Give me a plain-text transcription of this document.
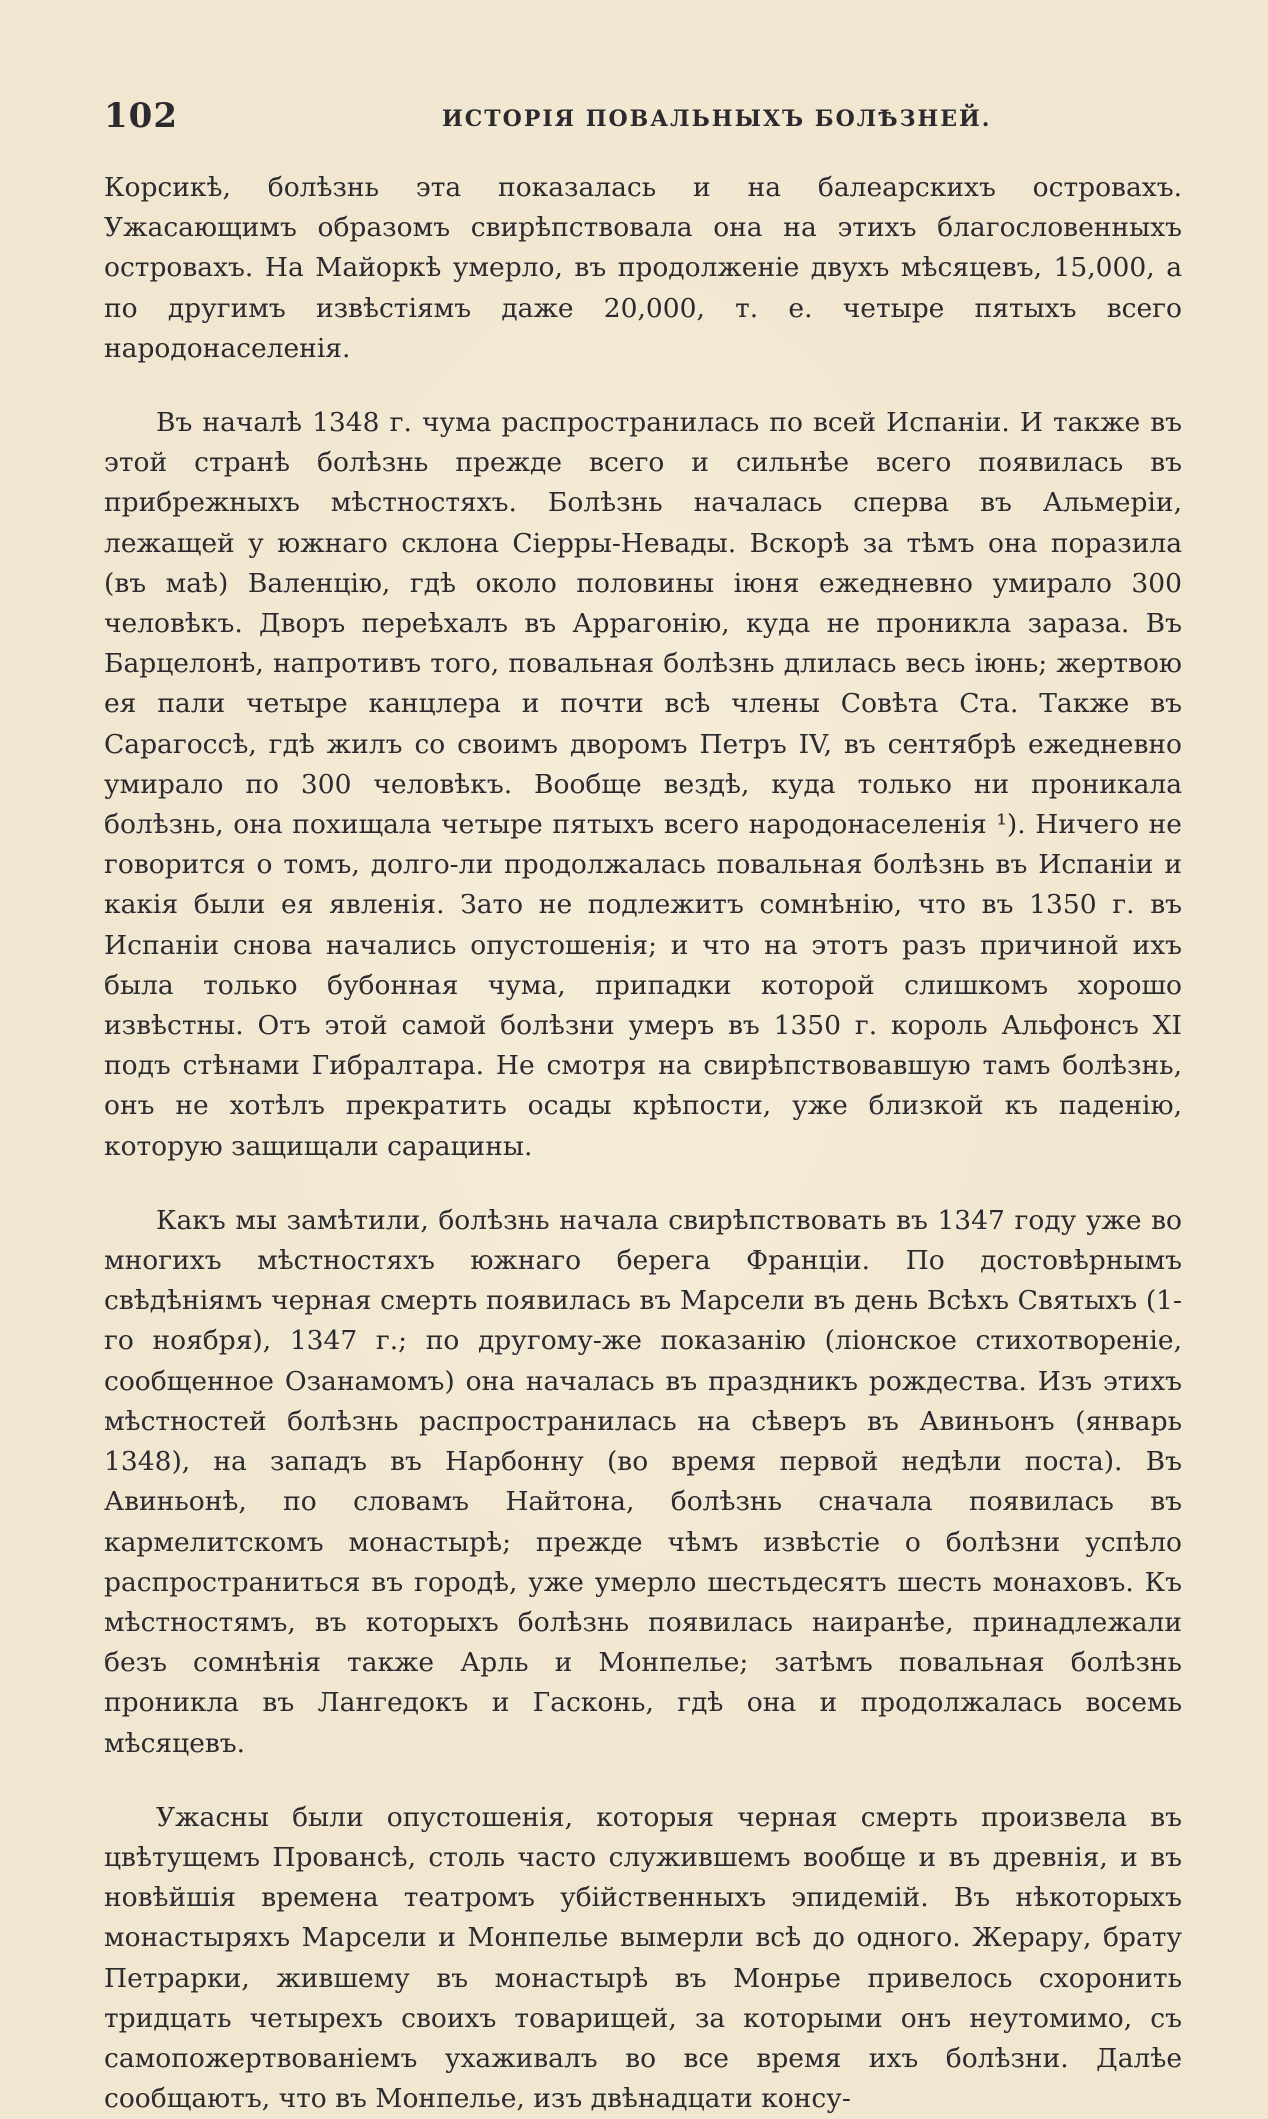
102	ИСТОРІЯ ПОВАЛЬНЫХЪ БОЛѢЗНЕЙ.

Корсикѣ, болѣзнь эта показалась и на балеарскихъ островахъ. Ужасающимъ образомъ свирѣпствовала она на этихъ благословенныхъ островахъ. На Майоркѣ умерло, въ продолженіе двухъ мѣсяцевъ, 15,000, а по другимъ извѣстіямъ даже 20,000, т. е. четыре пятыхъ всего народонаселенія.

Въ началѣ 1348 г. чума распространилась по всей Испаніи. И также въ этой странѣ болѣзнь прежде всего и сильнѣе всего появилась въ прибрежныхъ мѣстностяхъ. Болѣзнь началась сперва въ Альмеріи, лежащей у южнаго склона Сіерры-Невады. Вскорѣ за тѣмъ она поразила (въ маѣ) Валенцію, гдѣ около половины іюня ежедневно умирало 300 человѣкъ. Дворъ переѣхалъ въ Аррагонію, куда не проникла зараза. Въ Барцелонѣ, напротивъ того, повальная болѣзнь длилась весь іюнь; жертвою ея пали четыре канцлера и почти всѣ члены Совѣта Ста. Также въ Сарагоссѣ, гдѣ жилъ со своимъ дворомъ Петръ IV, въ сентябрѣ ежедневно умирало по 300 человѣкъ. Вообще вездѣ, куда только ни проникала болѣзнь, она похищала четыре пятыхъ всего народонаселенія ¹). Ничего не говорится о томъ, долго-ли продолжалась повальная болѣзнь въ Испаніи и какія были ея явленія. Зато не подлежитъ сомнѣнію, что въ 1350 г. въ Испаніи снова начались опустошенія; и что на этотъ разъ причиной ихъ была только бубонная чума, припадки которой слишкомъ хорошо извѣстны. Отъ этой самой болѣзни умеръ въ 1350 г. король Альфонсъ XI подъ стѣнами Гибралтара. Не смотря на свирѣпствовавшую тамъ болѣзнь, онъ не хотѣлъ прекратить осады крѣпости, уже близкой къ паденію, которую защищали сарацины.

Какъ мы замѣтили, болѣзнь начала свирѣпствовать въ 1347 году уже во многихъ мѣстностяхъ южнаго берега Франціи. По достовѣрнымъ свѣдѣніямъ черная смерть появилась въ Марсели въ день Всѣхъ Святыхъ (1-го ноября), 1347 г.; по другому-же показанію (ліонское стихотвореніе, сообщенное Озанамомъ) она началась въ праздникъ рождества. Изъ этихъ мѣстностей болѣзнь распространилась на сѣверъ въ Авиньонъ (январь 1348), на западъ въ Нарбонну (во время первой недѣли поста). Въ Авиньонѣ, по словамъ Найтона, болѣзнь сначала появилась въ кармелитскомъ монастырѣ; прежде чѣмъ извѣстіе о болѣзни успѣло распространиться въ городѣ, уже умерло шестьдесятъ шесть монаховъ. Къ мѣстностямъ, въ которыхъ болѣзнь появилась наиранѣе, принадлежали безъ сомнѣнія также Арль и Монпелье; затѣмъ повальная болѣзнь проникла въ Лангедокъ и Гасконь, гдѣ она и продолжалась восемь мѣсяцевъ.

Ужасны были опустошенія, которыя черная смерть произвела въ цвѣтущемъ Провансѣ, столь часто служившемъ вообще и въ древнія, и въ новѣйшія времена театромъ убійственныхъ эпидемій. Въ нѣкоторыхъ монастыряхъ Марсели и Монпелье вымерли всѣ до одного. Жерару, брату Петрарки, жившему въ монастырѣ въ Монрье привелось схоронить тридцать четырехъ своихъ товарищей, за которыми онъ неутомимо, съ самопожертвованіемъ ухаживалъ во все время ихъ болѣзни. Далѣе сообщаютъ, что въ Монпелье, изъ двѣнадцати консу-
